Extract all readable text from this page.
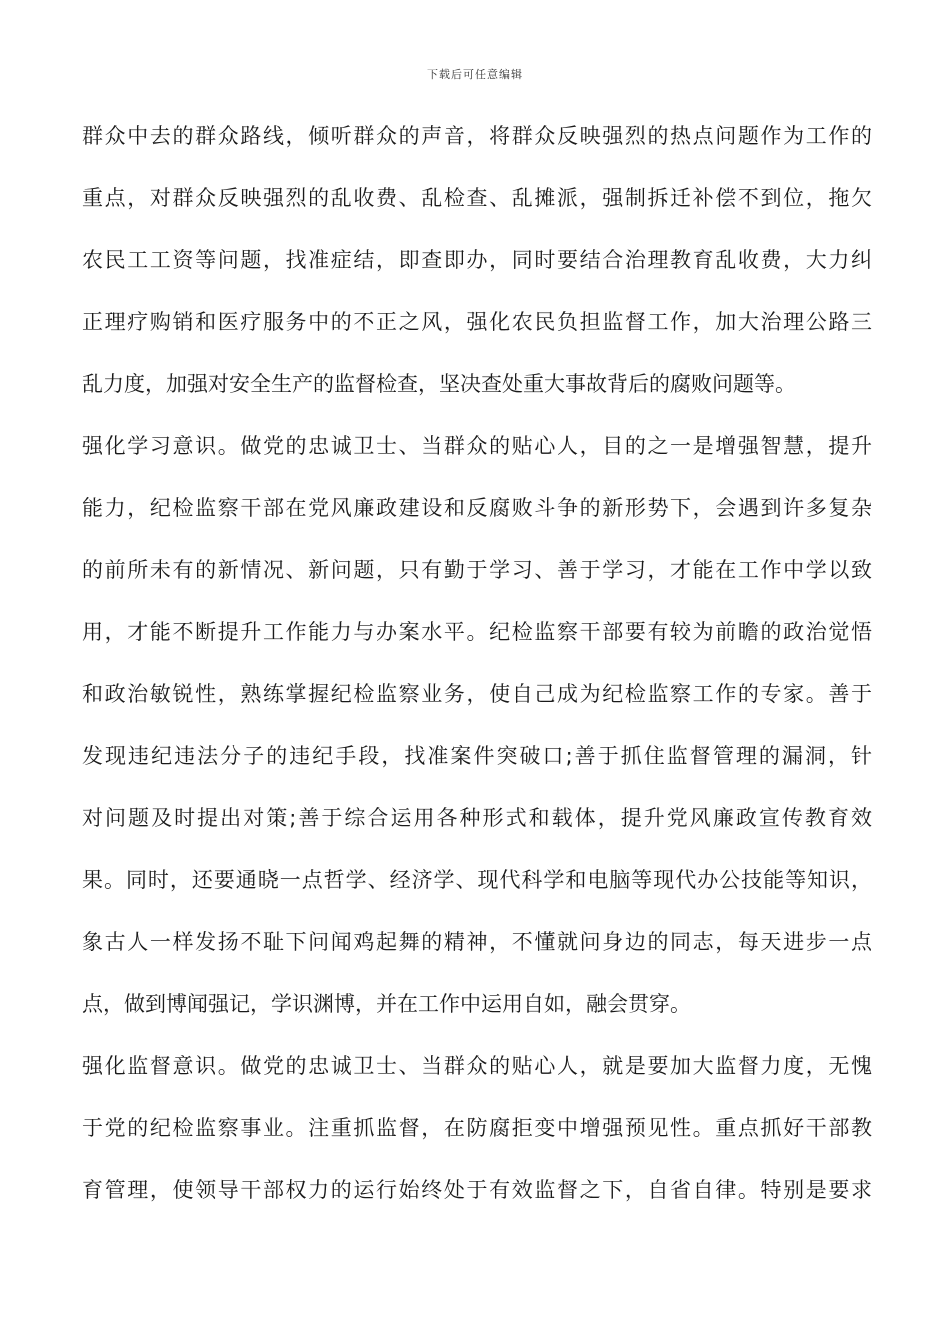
下载后可任意编辑
群众中去的群众路线，倾听群众的声音，将群众反映强烈的热点问题作为工作的
重点，对群众反映强烈的乱收费、乱检查、乱摊派，强制拆迁补偿不到位，拖欠
农民工工资等问题，找准症结，即查即办，同时要结合治理教育乱收费，大力纠
正理疗购销和医疗服务中的不正之风，强化农民负担监督工作，加大治理公路三
乱力度，加强对安全生产的监督检查，坚决查处重大事故背后的腐败问题等。
强化学习意识。做党的忠诚卫士、当群众的贴心人，目的之一是增强智慧，提升
能力，纪检监察干部在党风廉政建设和反腐败斗争的新形势下，会遇到许多复杂
的前所未有的新情况、新问题，只有勤于学习、善于学习，才能在工作中学以致
用，才能不断提升工作能力与办案水平。纪检监察干部要有较为前瞻的政治觉悟
和政治敏锐性，熟练掌握纪检监察业务，使自己成为纪检监察工作的专家。善于
发现违纪违法分子的违纪手段，找准案件突破口;善于抓住监督管理的漏洞，针
对问题及时提出对策;善于综合运用各种形式和载体，提升党风廉政宣传教育效
果。同时，还要通晓一点哲学、经济学、现代科学和电脑等现代办公技能等知识，
象古人一样发扬不耻下问闻鸡起舞的精神，不懂就问身边的同志，每天进步一点
点，做到博闻强记，学识渊博，并在工作中运用自如，融会贯穿。
强化监督意识。做党的忠诚卫士、当群众的贴心人，就是要加大监督力度，无愧
于党的纪检监察事业。注重抓监督，在防腐拒变中增强预见性。重点抓好干部教
育管理，使领导干部权力的运行始终处于有效监督之下，自省自律。特别是要求
